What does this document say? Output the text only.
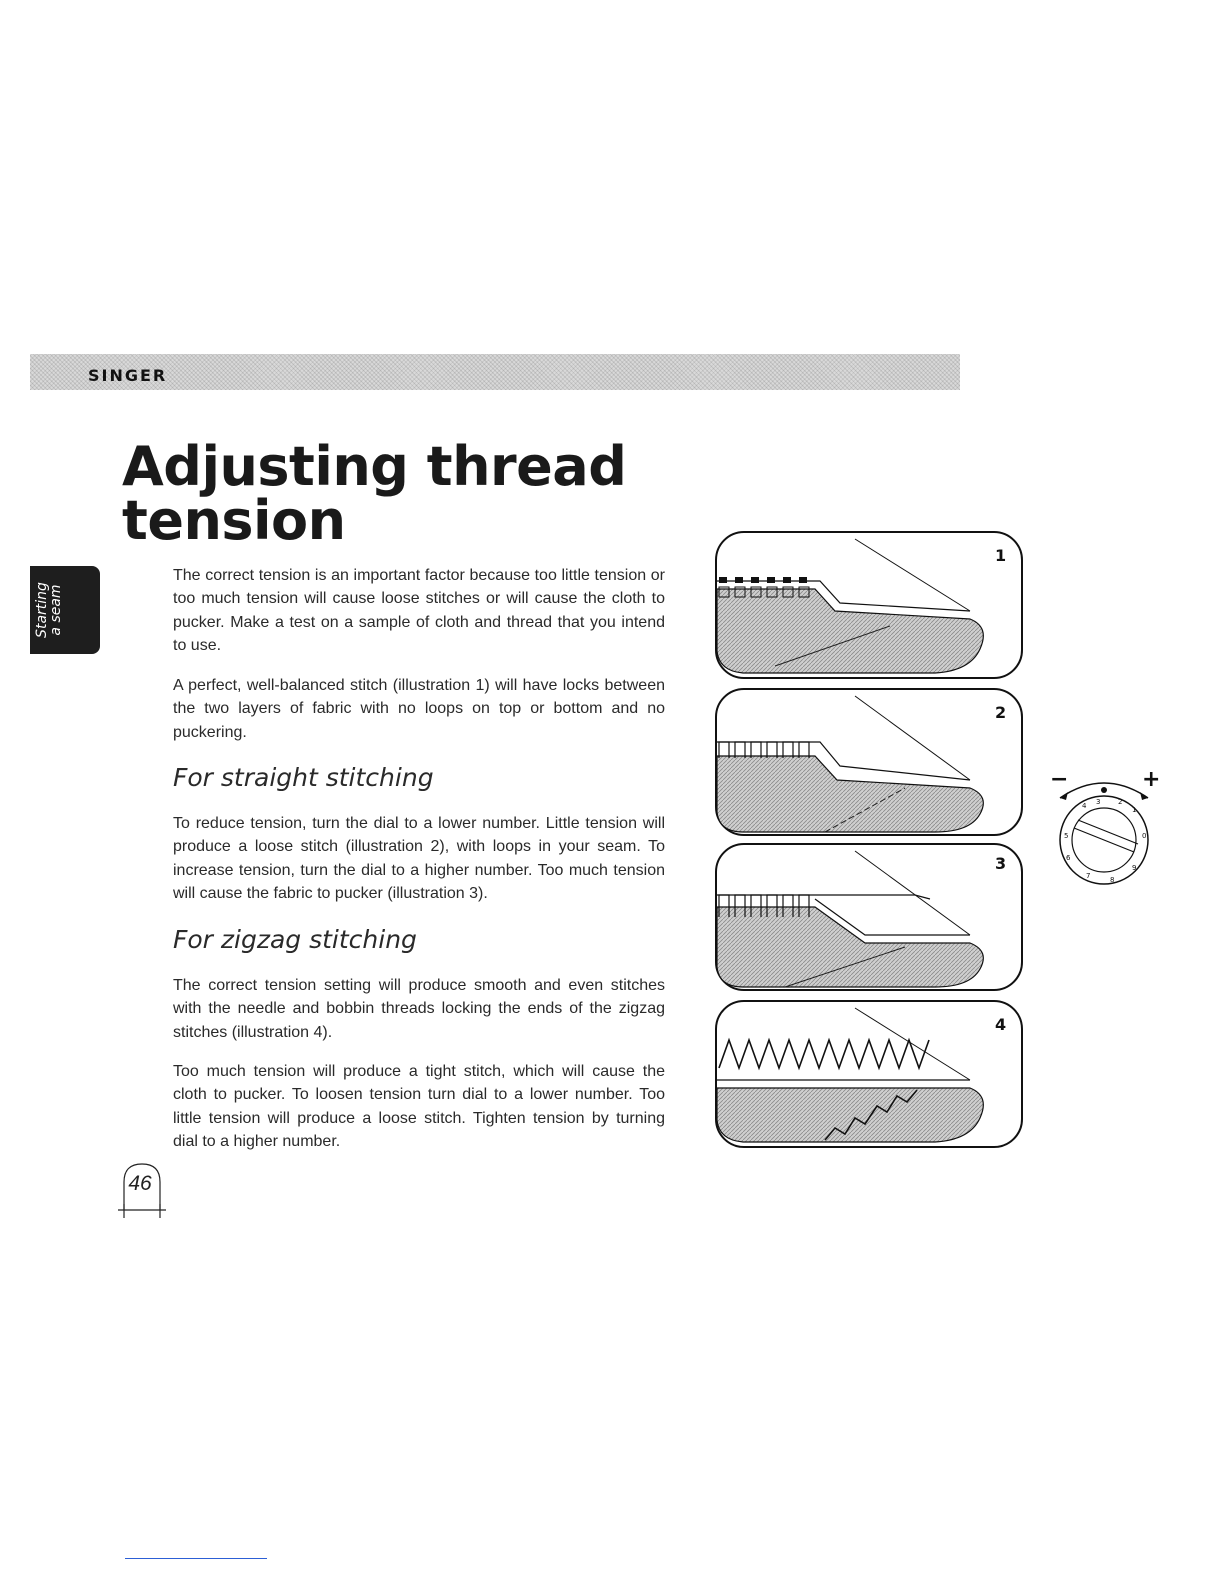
SINGER
Starting
a seam
Adjusting thread
tension

The correct tension is an important factor because too little tension or too much tension will cause loose stitches or will cause the cloth to pucker. Make a test on a sample of cloth and thread that you intend to use.

A perfect, well-balanced stitch (illustration 1) will have locks between the two layers of fabric with no loops on top or bottom and no puckering.

For straight stitching

To reduce tension, turn the dial to a lower number. Little tension will produce a loose stitch (illustration 2), with loops in your seam. To increase tension, turn the dial to a higher number. Too much tension will cause the fabric to pucker (illustration 3).

For zigzag stitching

The correct tension setting will produce smooth and even stitches with the needle and bobbin threads locking the ends of the zigzag stitches (illustration 4).

Too much tension will produce a tight stitch, which will cause the cloth to pucker. To loosen tension turn dial to a lower number. Too little tension will produce a loose stitch. Tighten tension by turning dial to a higher number.

1
2
3
4
−	+
4 3	2
1
0
9
8
7
6
5
46
